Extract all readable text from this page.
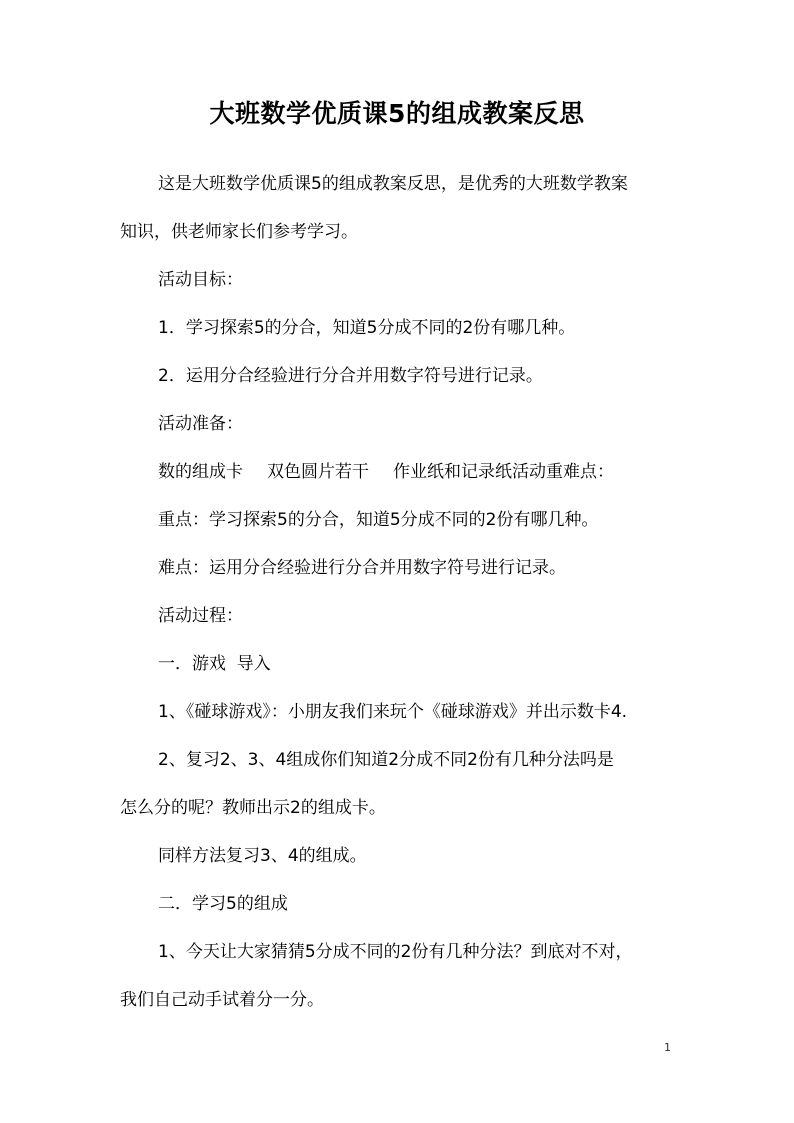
大班数学优质课5的组成教案反思
这是大班数学优质课5的组成教案反思，是优秀的大班数学教案
知识，供老师家长们参考学习。
活动目标：
1．学习探索5的分合，知道5分成不同的2份有哪几种。
2．运用分合经验进行分合并用数字符号进行记录。
活动准备：
数的组成卡 双色圆片若干 作业纸和记录纸活动重难点：
重点：学习探索5的分合，知道5分成不同的2份有哪几种。
难点：运用分合经验进行分合并用数字符号进行记录。
活动过程：
一．游戏  导入
1、《碰球游戏》：小朋友我们来玩个《碰球游戏》并出示数卡4.
2、复习2、3、4组成你们知道2分成不同2份有几种分法吗是
怎么分的呢？教师出示2的组成卡。
同样方法复习3、4的组成。
二．学习5的组成
1、今天让大家猜猜5分成不同的2份有几种分法？到底对不对，
我们自己动手试着分一分。
1
